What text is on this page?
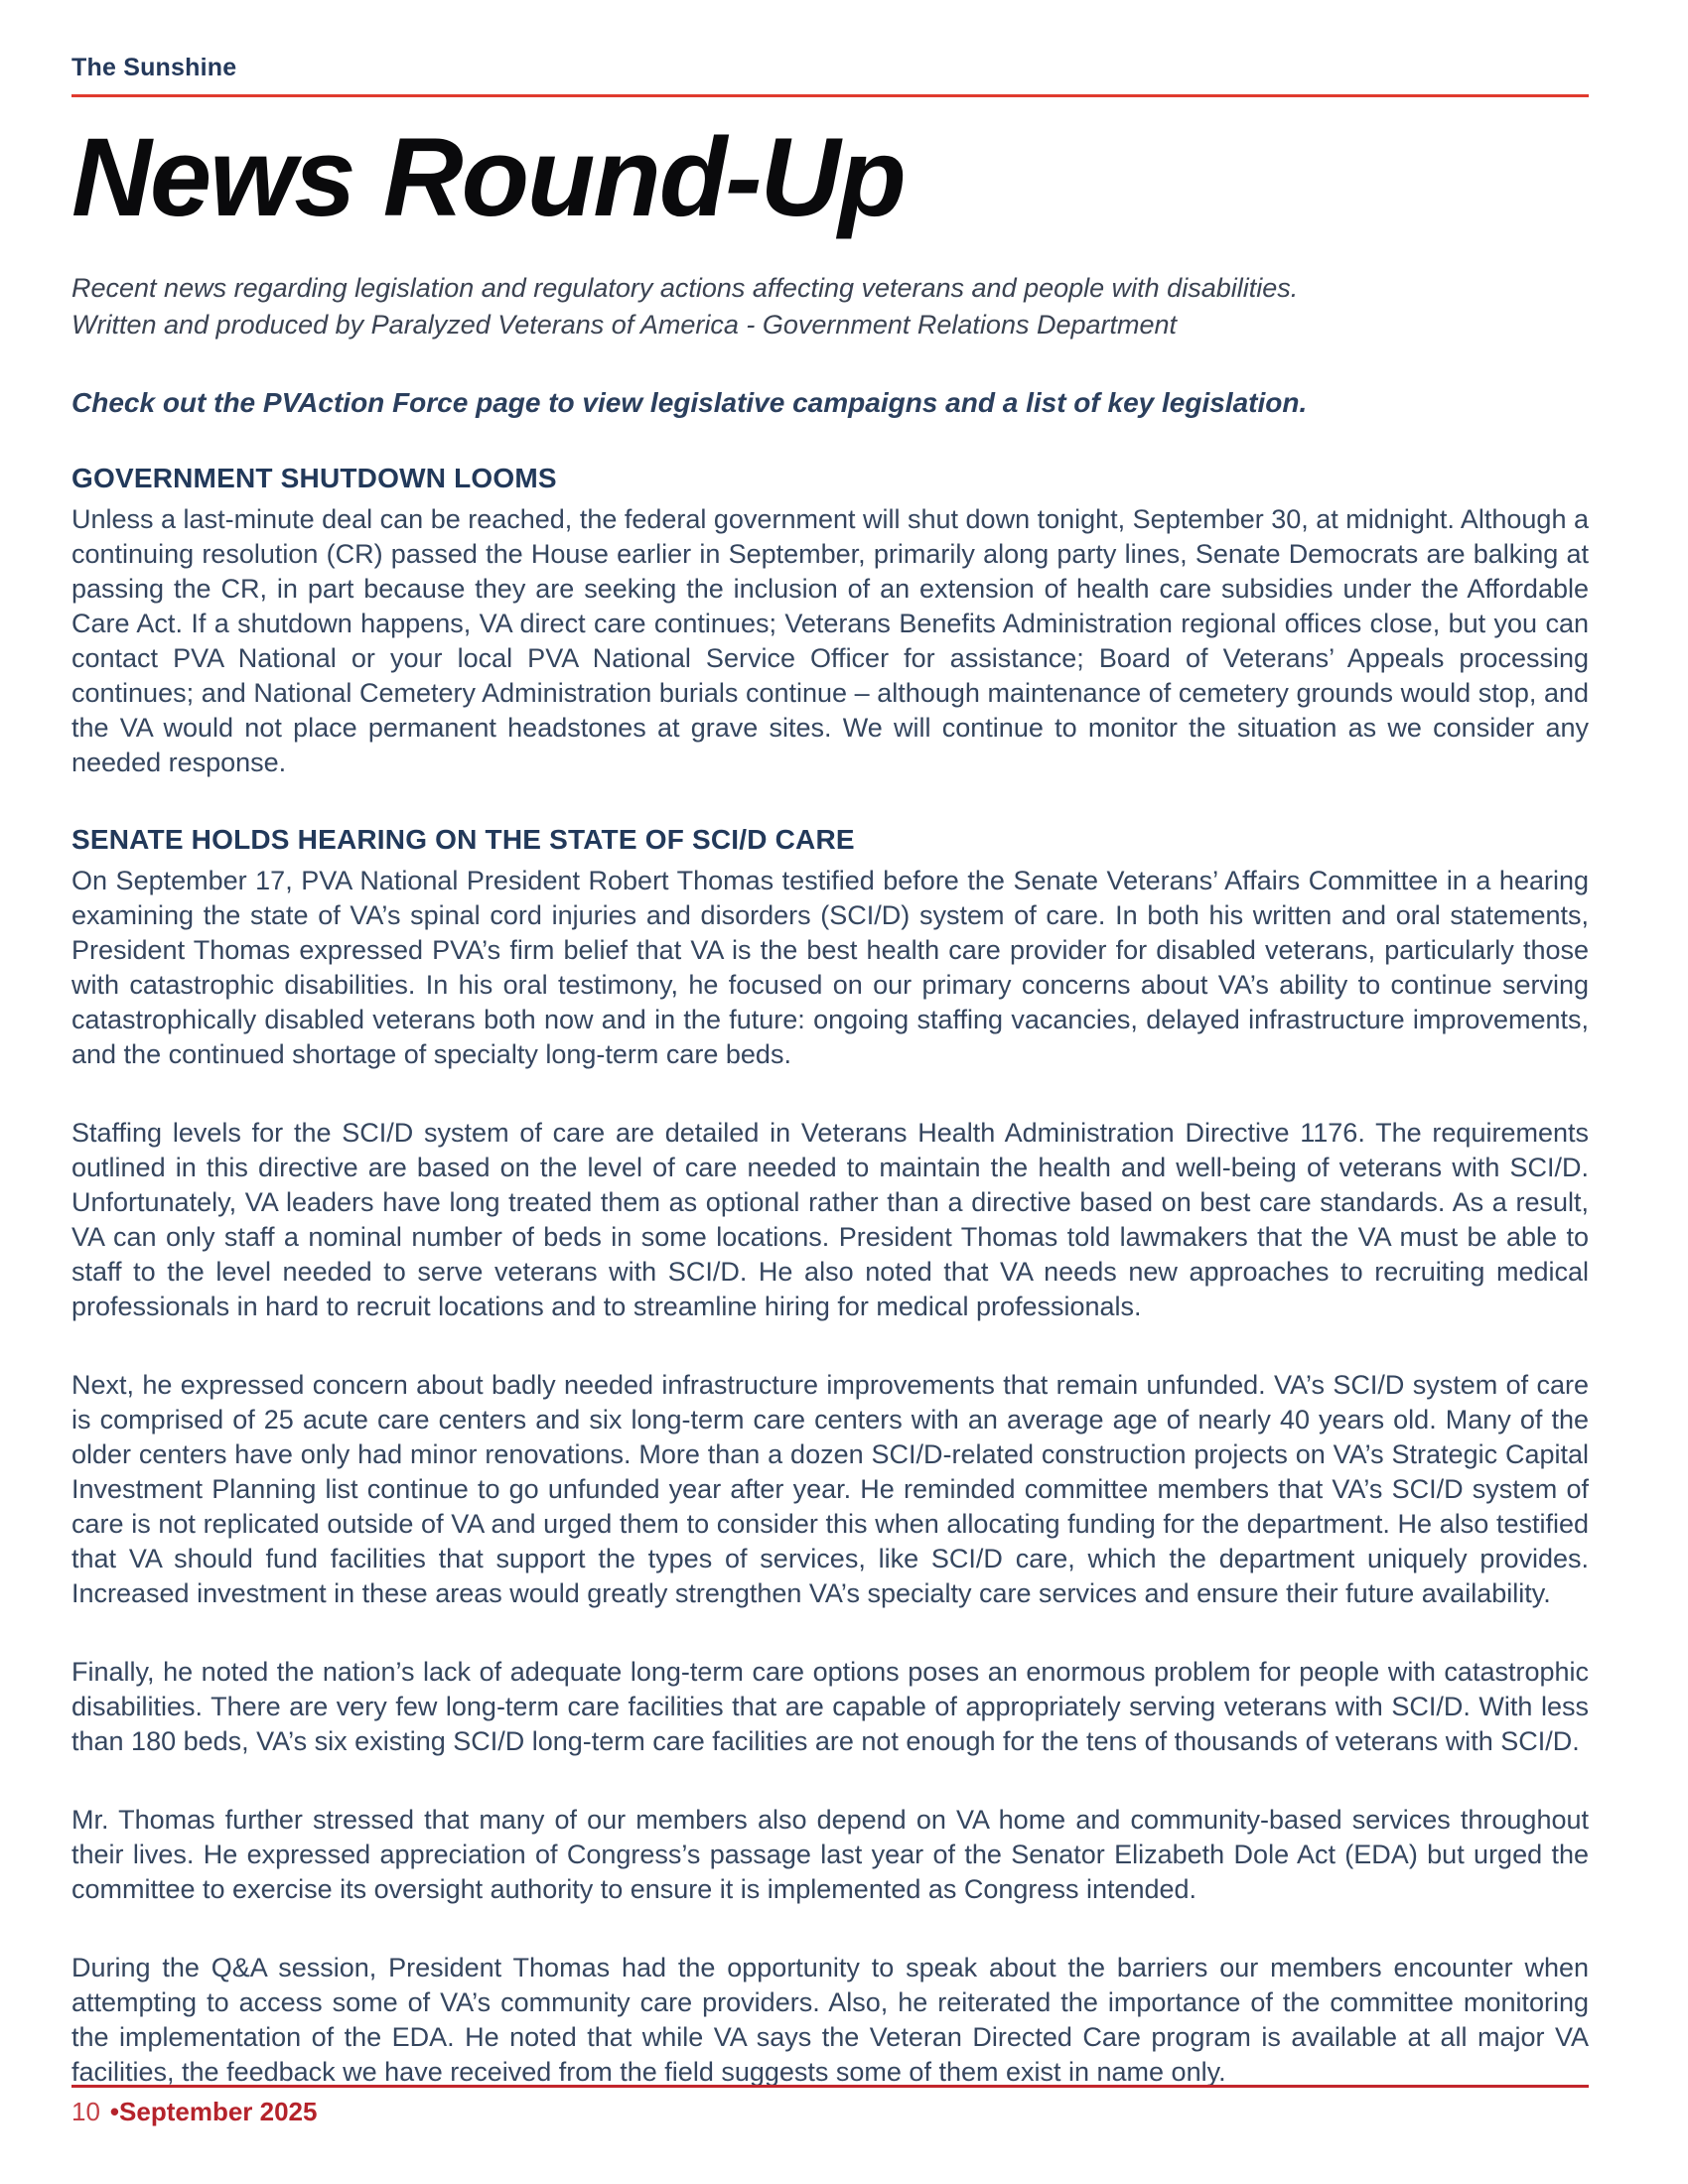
The Sunshine
News Round-Up

Recent news regarding legislation and regulatory actions affecting veterans and people with disabilities.
Written and produced by Paralyzed Veterans of America - Government Relations Department

Check out the PVAction Force page to view legislative campaigns and a list of key legislation.

GOVERNMENT SHUTDOWN LOOMS

Unless a last-minute deal can be reached, the federal government will shut down tonight, September 30, at midnight. Although a continuing resolution (CR) passed the House earlier in September, primarily along party lines, Senate Democrats are balking at passing the CR, in part because they are seeking the inclusion of an extension of health care subsidies under the Affordable Care Act. If a shutdown happens, VA direct care continues; Veterans Benefits Administration regional offices close, but you can contact PVA National or your local PVA National Service Officer for assistance; Board of Veterans’ Appeals processing continues; and National Cemetery Administration burials continue – although maintenance of cemetery grounds would stop, and the VA would not place permanent headstones at grave sites. We will continue to monitor the situation as we consider any needed response.

SENATE HOLDS HEARING ON THE STATE OF SCI/D CARE

On September 17, PVA National President Robert Thomas testified before the Senate Veterans’ Affairs Committee in a hearing examining the state of VA’s spinal cord injuries and disorders (SCI/D) system of care. In both his written and oral statements, President Thomas expressed PVA’s firm belief that VA is the best health care provider for disabled veterans, particularly those with catastrophic disabilities. In his oral testimony, he focused on our primary concerns about VA’s ability to continue serving catastrophically disabled veterans both now and in the future: ongoing staffing vacancies, delayed infrastructure improvements, and the continued shortage of specialty long-term care beds.

Staffing levels for the SCI/D system of care are detailed in Veterans Health Administration Directive 1176. The requirements outlined in this directive are based on the level of care needed to maintain the health and well-being of veterans with SCI/D. Unfortunately, VA leaders have long treated them as optional rather than a directive based on best care standards. As a result, VA can only staff a nominal number of beds in some locations. President Thomas told lawmakers that the VA must be able to staff to the level needed to serve veterans with SCI/D. He also noted that VA needs new approaches to recruiting medical professionals in hard to recruit locations and to streamline hiring for medical professionals.

Next, he expressed concern about badly needed infrastructure improvements that remain unfunded. VA’s SCI/D system of care is comprised of 25 acute care centers and six long-term care centers with an average age of nearly 40 years old. Many of the older centers have only had minor renovations. More than a dozen SCI/D-related construction projects on VA’s Strategic Capital Investment Planning list continue to go unfunded year after year. He reminded committee members that VA’s SCI/D system of care is not replicated outside of VA and urged them to consider this when allocating funding for the department. He also testified that VA should fund facilities that support the types of services, like SCI/D care, which the department uniquely provides. Increased investment in these areas would greatly strengthen VA’s specialty care services and ensure their future availability.

Finally, he noted the nation’s lack of adequate long-term care options poses an enormous problem for people with catastrophic disabilities. There are very few long-term care facilities that are capable of appropriately serving veterans with SCI/D. With less than 180 beds, VA’s six existing SCI/D long-term care facilities are not enough for the tens of thousands of veterans with SCI/D.

Mr. Thomas further stressed that many of our members also depend on VA home and community-based services throughout their lives. He expressed appreciation of Congress’s passage last year of the Senator Elizabeth Dole Act (EDA) but urged the committee to exercise its oversight authority to ensure it is implemented as Congress intended.

During the Q&A session, President Thomas had the opportunity to speak about the barriers our members encounter when attempting to access some of VA’s community care providers. Also, he reiterated the importance of the committee monitoring the implementation of the EDA. He noted that while VA says the Veteran Directed Care program is available at all major VA facilities, the feedback we have received from the field suggests some of them exist in name only.

10 •September 2025
